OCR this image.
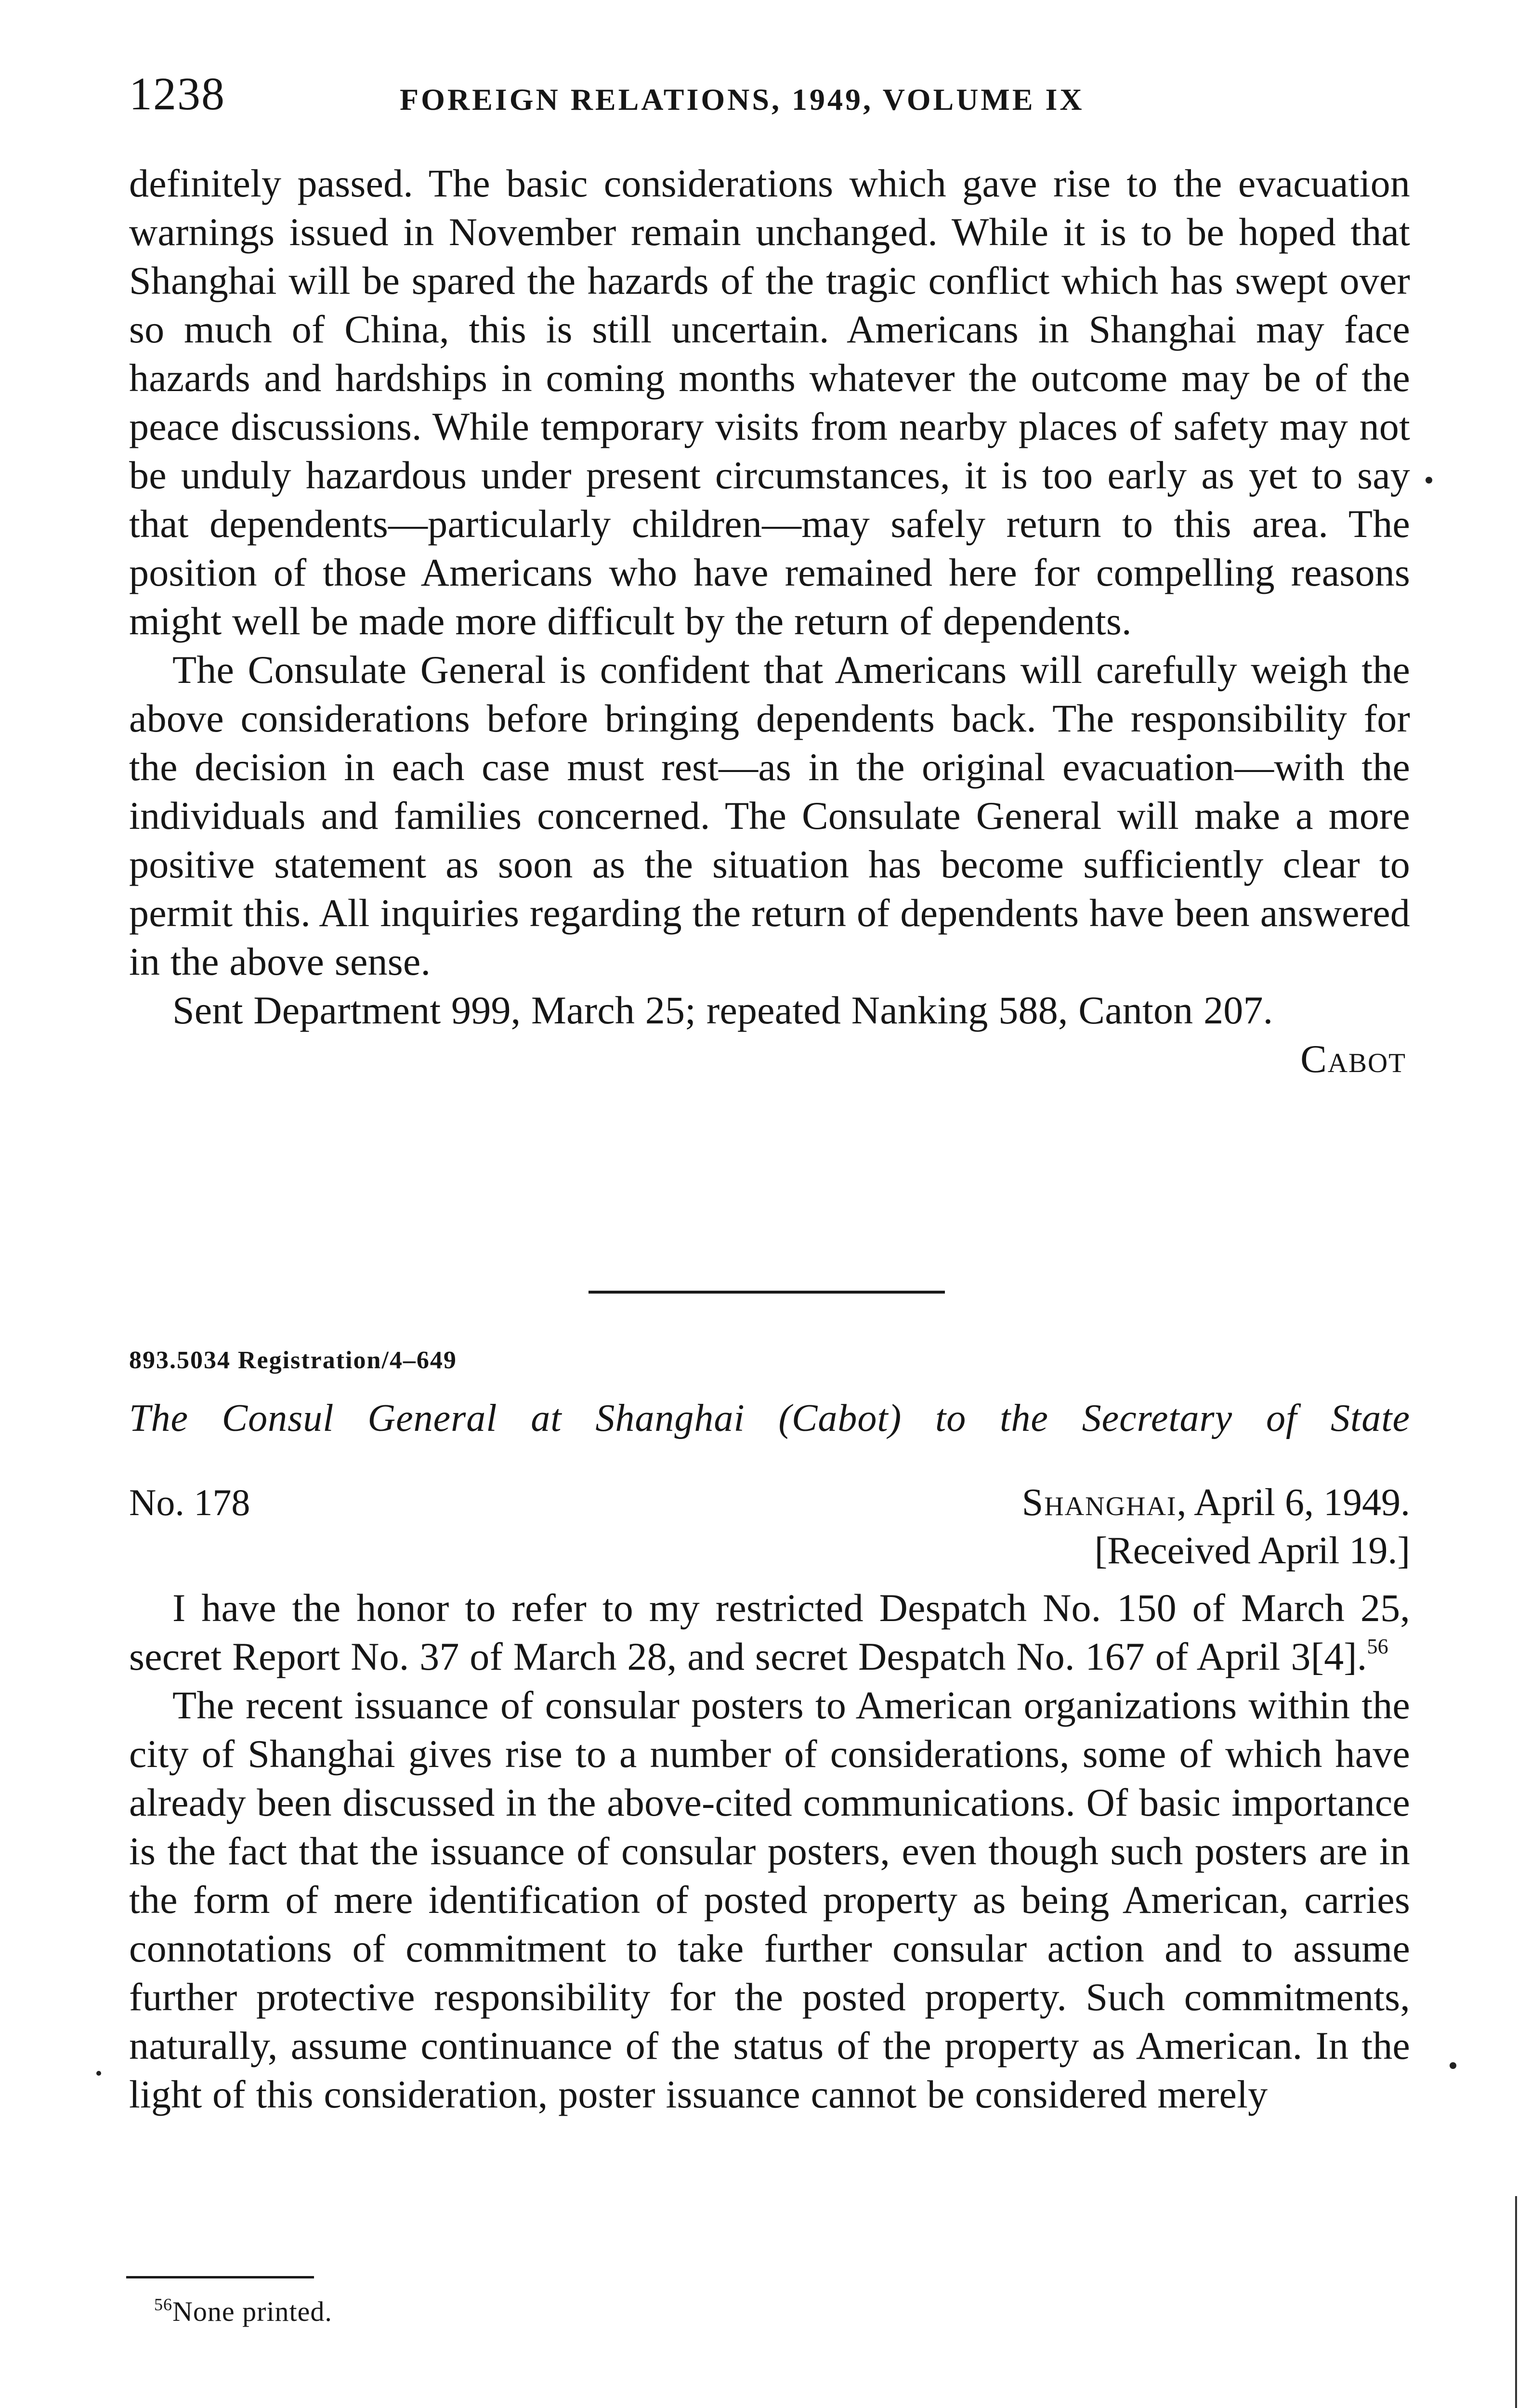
1238	FOREIGN RELATIONS, 1949, VOLUME IX

definitely passed. The basic considerations which gave rise to the evacuation warnings issued in November remain unchanged. While it is to be hoped that Shanghai will be spared the hazards of the tragic conflict which has swept over so much of China, this is still uncertain. Americans in Shanghai may face hazards and hardships in coming months whatever the outcome may be of the peace discussions. While temporary visits from nearby places of safety may not be unduly hazardous under present circumstances, it is too early as yet to say that dependents—particularly children—may safely return to this area. The position of those Americans who have remained here for compelling reasons might well be made more difficult by the return of dependents.

The Consulate General is confident that Americans will carefully weigh the above considerations before bringing dependents back. The responsibility for the decision in each case must rest—as in the original evacuation—with the individuals and families concerned. The Consulate General will make a more positive statement as soon as the situation has become sufficiently clear to permit this. All inquiries regarding the return of dependents have been answered in the above sense.

Sent Department 999, March 25; repeated Nanking 588, Canton 207.

Cabot
893.5034 Registration/4–649
The Consul General at Shanghai (Cabot) to the Secretary of State
No. 178	Shanghai, April 6, 1949.
[Received April 19.]

I have the honor to refer to my restricted Despatch No. 150 of March 25, secret Report No. 37 of March 28, and secret Despatch No. 167 of April 3[4].$^{56}$

The recent issuance of consular posters to American organizations within the city of Shanghai gives rise to a number of considerations, some of which have already been discussed in the above-cited communications. Of basic importance is the fact that the issuance of consular posters, even though such posters are in the form of mere identification of posted property as being American, carries connotations of commitment to take further consular action and to assume further protective responsibility for the posted property. Such commitments, naturally, assume continuance of the status of the property as American. In the light of this consideration, poster issuance cannot be considered merely

$^{56}$None printed.
